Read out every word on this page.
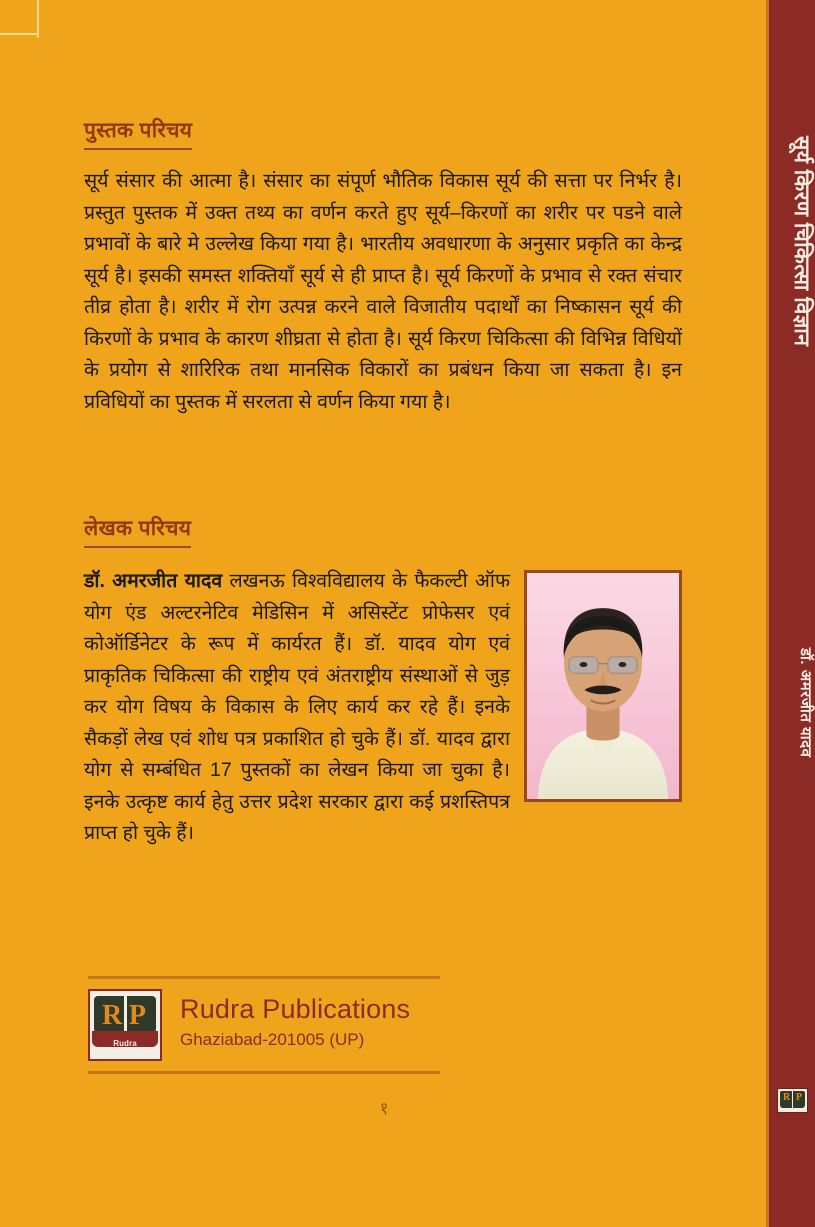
सूर्य किरण चिकित्सा विज्ञान
डॉ. अमरजीत यादव
R P
पुस्तक परिचय

सूर्य संसार की आत्मा है। संसार का संपूर्ण भौतिक विकास सूर्य की सत्ता पर निर्भर है। प्रस्तुत पुस्तक में उक्त तथ्य का वर्णन करते हुए सूर्य–किरणों का शरीर पर पडने वाले प्रभावों के बारे मे उल्लेख किया गया है। भारतीय अवधारणा के अनुसार प्रकृति का केन्द्र सूर्य है। इसकी समस्त शक्तियाँ सूर्य से ही प्राप्त है। सूर्य किरणों के प्रभाव से रक्त संचार तीव्र होता है। शरीर में रोग उत्पन्न करने वाले विजातीय पदार्थों का निष्कासन सूर्य की किरणों के प्रभाव के कारण शीघ्रता से होता है। सूर्य किरण चिकित्सा की विभिन्न विधियों के प्रयोग से शारिरिक तथा मानसिक विकारों का प्रबंधन किया जा सकता है। इन प्रविधियों का पुस्तक में सरलता से वर्णन किया गया है।

लेखक परिचय

डॉ. अमरजीत यादव लखनऊ विश्वविद्यालय के फैकल्टी ऑफ योग एंड अल्टरनेटिव मेडिसिन में असिस्टेंट प्रोफेसर एवं कोऑर्डिनेटर के रूप में कार्यरत हैं। डॉ. यादव योग एवं प्राकृतिक चिकित्सा की राष्ट्रीय एवं अंतराष्ट्रीय संस्थाओं से जुड़ कर योग विषय के विकास के लिए कार्य कर रहे हैं। इनके सैकड़ों लेख एवं शोध पत्र प्रकाशित हो चुके हैं। डॉ. यादव द्वारा योग से सम्बंधित 17 पुस्तकों का लेखन किया जा चुका है। इनके उत्कृष्ट कार्य हेतु उत्तर प्रदेश सरकार द्वारा कई प्रशस्तिपत्र प्राप्त हो चुके हैं।

R P
Rudra Publications
Rudra Publications
Ghaziabad-201005 (UP)
१
